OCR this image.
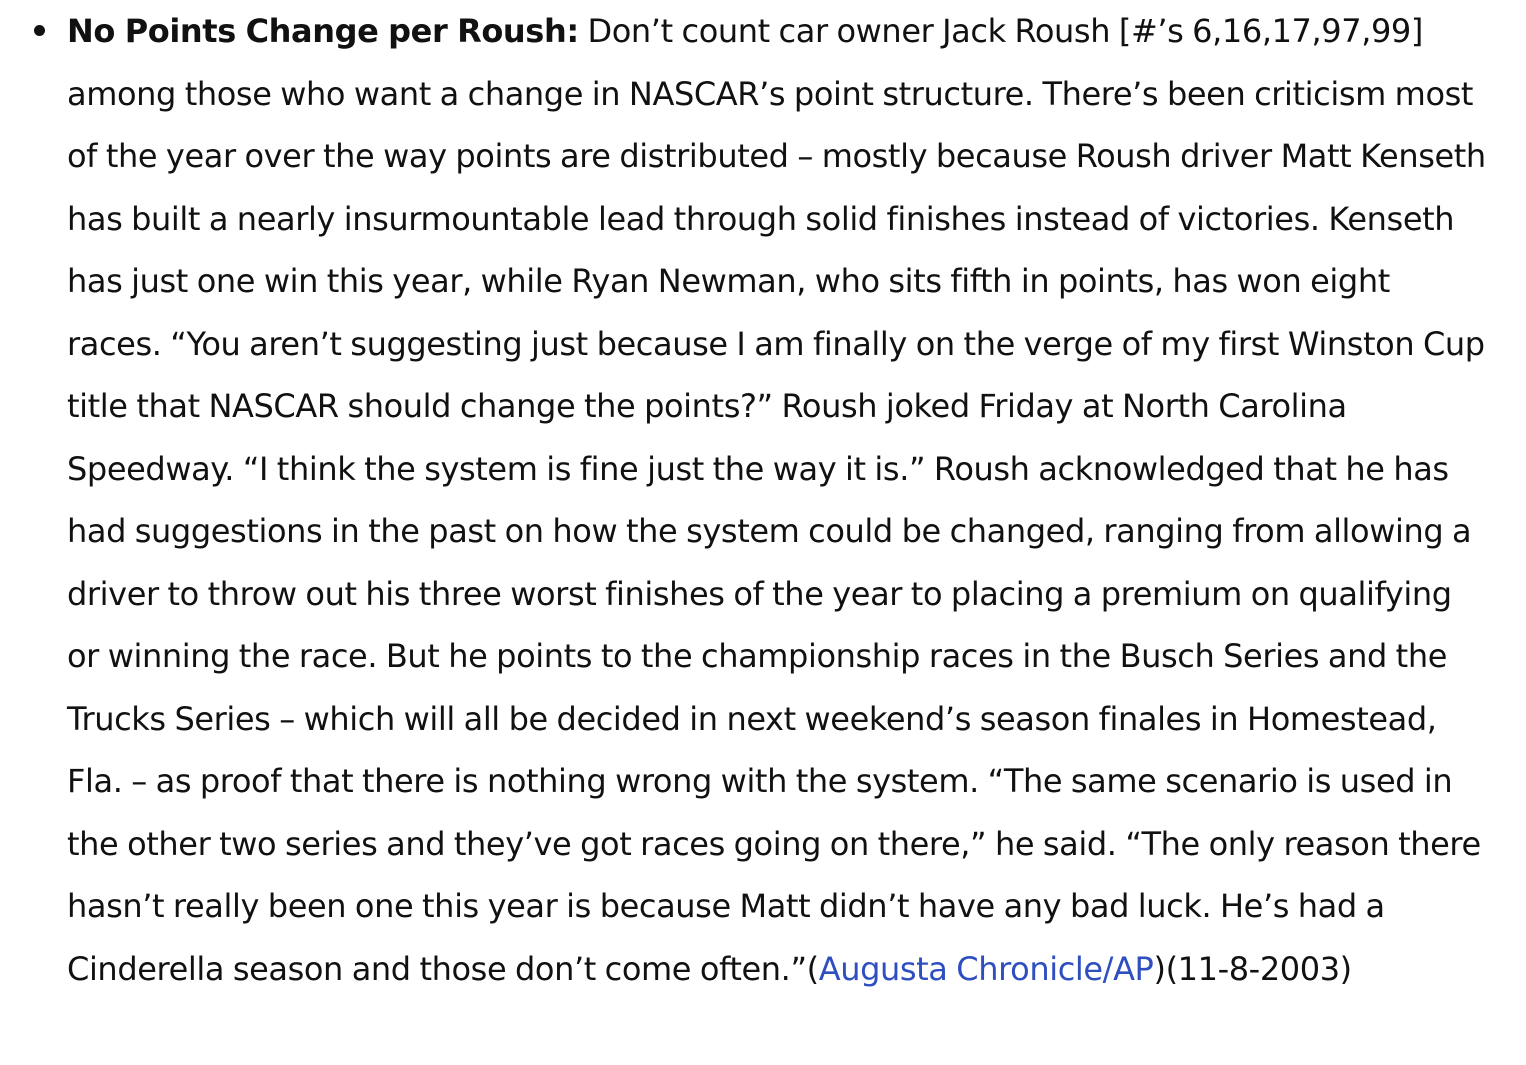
No Points Change per Roush: Don’t count car owner Jack Roush [#’s 6,16,17,97,99] among those who want a change in NASCAR’s point structure. There’s been criticism most of the year over the way points are distributed – mostly because Roush driver Matt Kenseth has built a nearly insurmountable lead through solid finishes instead of victories. Kenseth has just one win this year, while Ryan Newman, who sits fifth in points, has won eight races. “You aren’t suggesting just because I am finally on the verge of my first Winston Cup title that NASCAR should change the points?” Roush joked Friday at North Carolina Speedway. “I think the system is fine just the way it is.” Roush acknowledged that he has had suggestions in the past on how the system could be changed, ranging from allowing a driver to throw out his three worst finishes of the year to placing a premium on qualifying or winning the race. But he points to the championship races in the Busch Series and the Trucks Series – which will all be decided in next weekend’s season finales in Homestead, Fla. – as proof that there is nothing wrong with the system. “The same scenario is used in the other two series and they’ve got races going on there,” he said. “The only reason there hasn’t really been one this year is because Matt didn’t have any bad luck. He’s had a Cinderella season and those don’t come often.”(Augusta Chronicle/AP)(11-8-2003)
